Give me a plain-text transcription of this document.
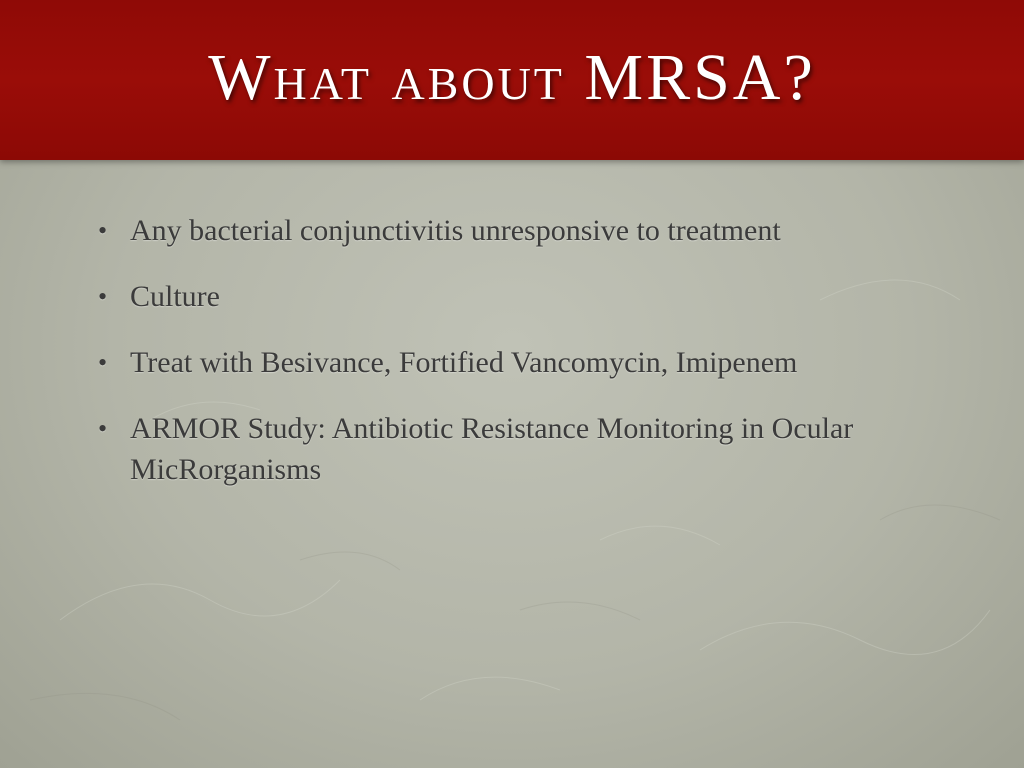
What about MRSA?
• Any bacterial conjunctivitis unresponsive to treatment
• Culture
• Treat with Besivance, Fortified Vancomycin, Imipenem
• ARMOR Study: Antibiotic Resistance Monitoring in Ocular MicRorganisms
